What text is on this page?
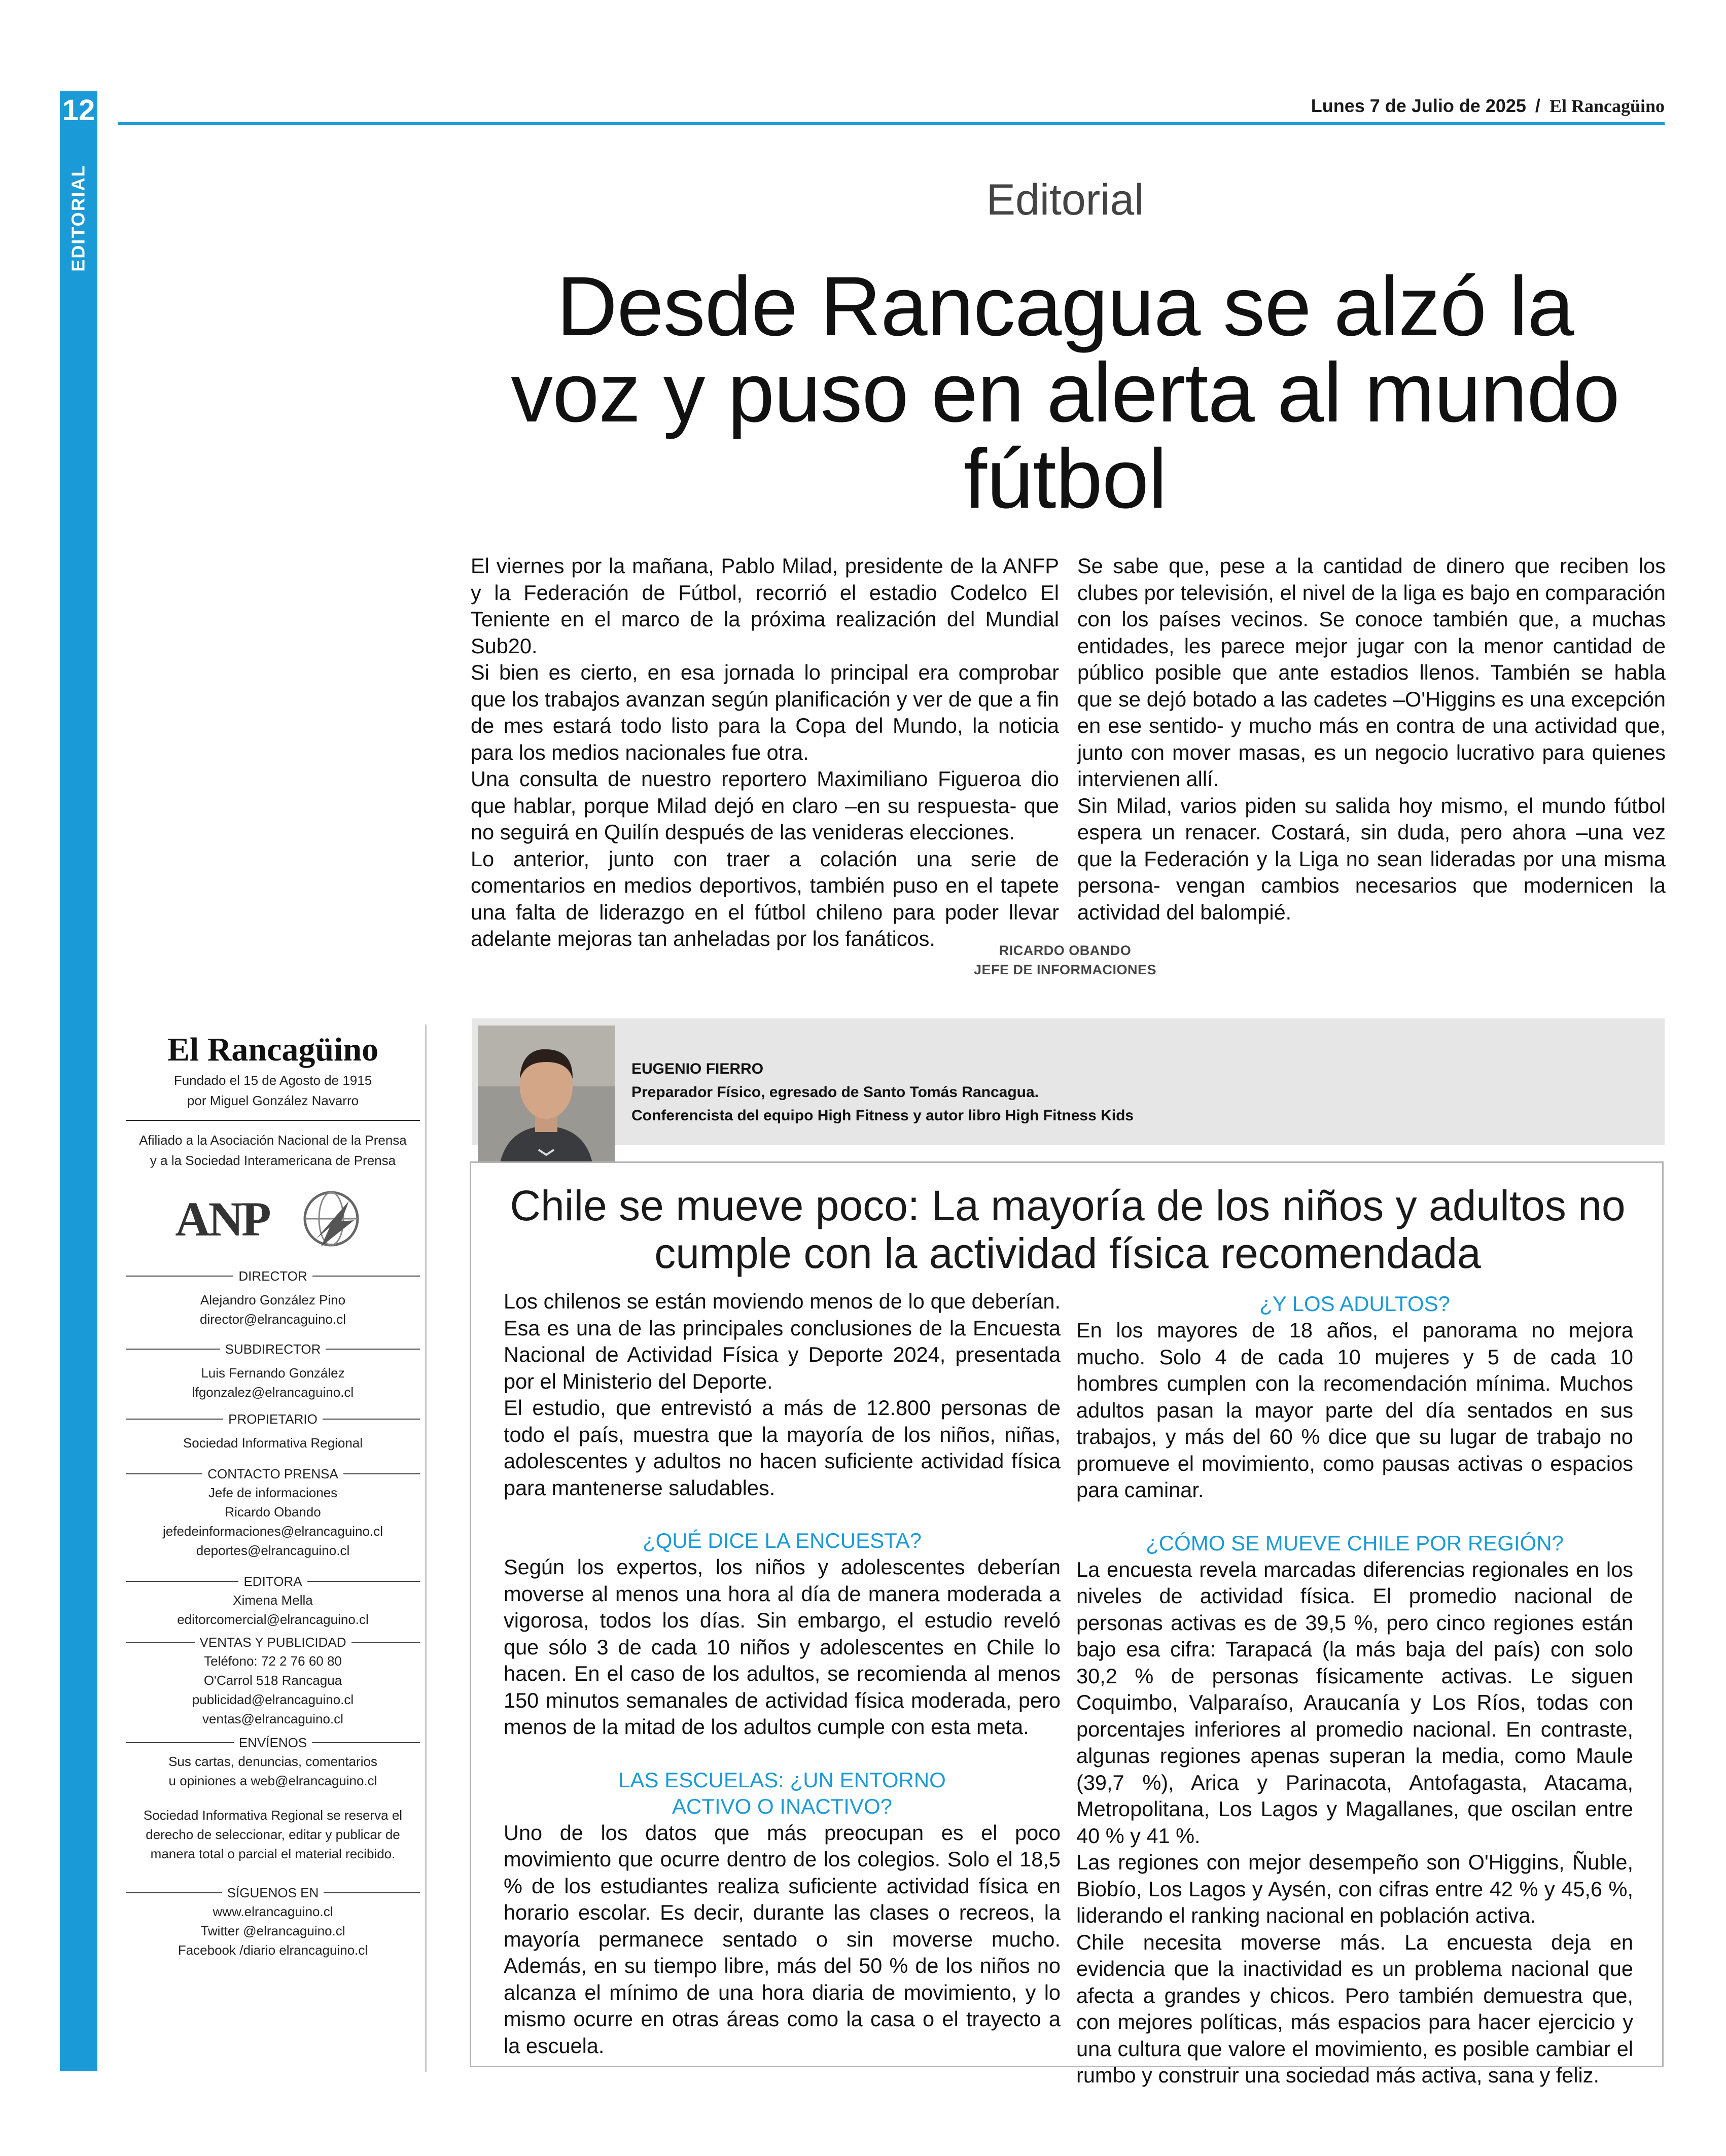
12
EDITORIAL
Lunes 7 de Julio de 2025 / El Rancagüino
Editorial
Desde Rancagua se alzó la voz y puso en alerta al mundo fútbol

El viernes por la mañana, Pablo Milad, presidente de la ANFP y la Federación de Fútbol, recorrió el estadio Codelco El Teniente en el marco de la próxima realización del Mundial Sub20.

Si bien es cierto, en esa jornada lo principal era comprobar que los trabajos avanzan según planificación y ver de que a fin de mes estará todo listo para la Copa del Mundo, la noticia para los medios nacionales fue otra.

Una consulta de nuestro reportero Maximiliano Figueroa dio que hablar, porque Milad dejó en claro –en su respuesta- que no seguirá en Quilín después de las venideras elecciones.

Lo anterior, junto con traer a colación una serie de comentarios en medios deportivos, también puso en el tapete una falta de liderazgo en el fútbol chileno para poder llevar adelante mejoras tan anheladas por los fanáticos.

Se sabe que, pese a la cantidad de dinero que reciben los clubes por televisión, el nivel de la liga es bajo en comparación con los países vecinos. Se conoce también que, a muchas entidades, les parece mejor jugar con la menor cantidad de público posible que ante estadios llenos. También se habla que se dejó botado a las cadetes –O'Higgins es una excepción en ese sentido- y mucho más en contra de una actividad que, junto con mover masas, es un negocio lucrativo para quienes intervienen allí.

Sin Milad, varios piden su salida hoy mismo, el mundo fútbol espera un renacer. Costará, sin duda, pero ahora –una vez que la Federación y la Liga no sean lideradas por una misma persona- vengan cambios necesarios que modernicen la actividad del balompié.

RICARDO OBANDO
JEFE DE INFORMACIONES
El Rancagüino
Fundado el 15 de Agosto de 1915
por Miguel González Navarro
Afiliado a la Asociación Nacional de la Prensa
y a la Sociedad Interamericana de Prensa
ANP
DIRECTOR
Alejandro González Pino
director@elrancaguino.cl
SUBDIRECTOR
Luis Fernando González
lfgonzalez@elrancaguino.cl
PROPIETARIO
Sociedad Informativa Regional
CONTACTO PRENSA
Jefe de informaciones
Ricardo Obando
jefedeinformaciones@elrancaguino.cl
deportes@elrancaguino.cl
EDITORA
Ximena Mella
editorcomercial@elrancaguino.cl
VENTAS Y PUBLICIDAD
Teléfono: 72 2 76 60 80
O'Carrol 518 Rancagua
publicidad@elrancaguino.cl
ventas@elrancaguino.cl
ENVÍENOS
Sus cartas, denuncias, comentarios
u opiniones a web@elrancaguino.cl
Sociedad Informativa Regional se reserva el
derecho de seleccionar, editar y publicar de
manera total o parcial el material recibido.
SÍGUENOS EN
www.elrancaguino.cl
Twitter @elrancaguino.cl
Facebook /diario elrancaguino.cl
EUGENIO FIERRO
Preparador Físico, egresado de Santo Tomás Rancagua.
Conferencista del equipo High Fitness y autor libro High Fitness Kids
Chile se mueve poco: La mayoría de los niños y adultos no cumple con la actividad física recomendada

Los chilenos se están moviendo menos de lo que deberían. Esa es una de las principales conclusiones de la Encuesta Nacional de Actividad Física y Deporte 2024, presentada por el Ministerio del Deporte.

El estudio, que entrevistó a más de 12.800 personas de todo el país, muestra que la mayoría de los niños, niñas, adolescentes y adultos no hacen suficiente actividad física para mantenerse saludables.

¿QUÉ DICE LA ENCUESTA?

Según los expertos, los niños y adolescentes deberían moverse al menos una hora al día de manera moderada a vigorosa, todos los días. Sin embargo, el estudio reveló que sólo 3 de cada 10 niños y adolescentes en Chile lo hacen. En el caso de los adultos, se recomienda al menos 150 minutos semanales de actividad física moderada, pero menos de la mitad de los adultos cumple con esta meta.

LAS ESCUELAS: ¿UN ENTORNO ACTIVO O INACTIVO?

Uno de los datos que más preocupan es el poco movimiento que ocurre dentro de los colegios. Solo el 18,5 % de los estudiantes realiza suficiente actividad física en horario escolar. Es decir, durante las clases o recreos, la mayoría permanece sentado o sin moverse mucho. Además, en su tiempo libre, más del 50 % de los niños no alcanza el mínimo de una hora diaria de movimiento, y lo mismo ocurre en otras áreas como la casa o el trayecto a la escuela.

¿Y LOS ADULTOS?

En los mayores de 18 años, el panorama no mejora mucho. Solo 4 de cada 10 mujeres y 5 de cada 10 hombres cumplen con la recomendación mínima. Muchos adultos pasan la mayor parte del día sentados en sus trabajos, y más del 60 % dice que su lugar de trabajo no promueve el movimiento, como pausas activas o espacios para caminar.

¿CÓMO SE MUEVE CHILE POR REGIÓN?

La encuesta revela marcadas diferencias regionales en los niveles de actividad física. El promedio nacional de personas activas es de 39,5 %, pero cinco regiones están bajo esa cifra: Tarapacá (la más baja del país) con solo 30,2 % de personas físicamente activas. Le siguen Coquimbo, Valparaíso, Araucanía y Los Ríos, todas con porcentajes inferiores al promedio nacional. En contraste, algunas regiones apenas superan la media, como Maule (39,7 %), Arica y Parinacota, Antofagasta, Atacama, Metropolitana, Los Lagos y Magallanes, que oscilan entre 40 % y 41 %.

Las regiones con mejor desempeño son O'Higgins, Ñuble, Biobío, Los Lagos y Aysén, con cifras entre 42 % y 45,6 %, liderando el ranking nacional en población activa.

Chile necesita moverse más. La encuesta deja en evidencia que la inactividad es un problema nacional que afecta a grandes y chicos. Pero también demuestra que, con mejores políticas, más espacios para hacer ejercicio y una cultura que valore el movimiento, es posible cambiar el rumbo y construir una sociedad más activa, sana y feliz.
